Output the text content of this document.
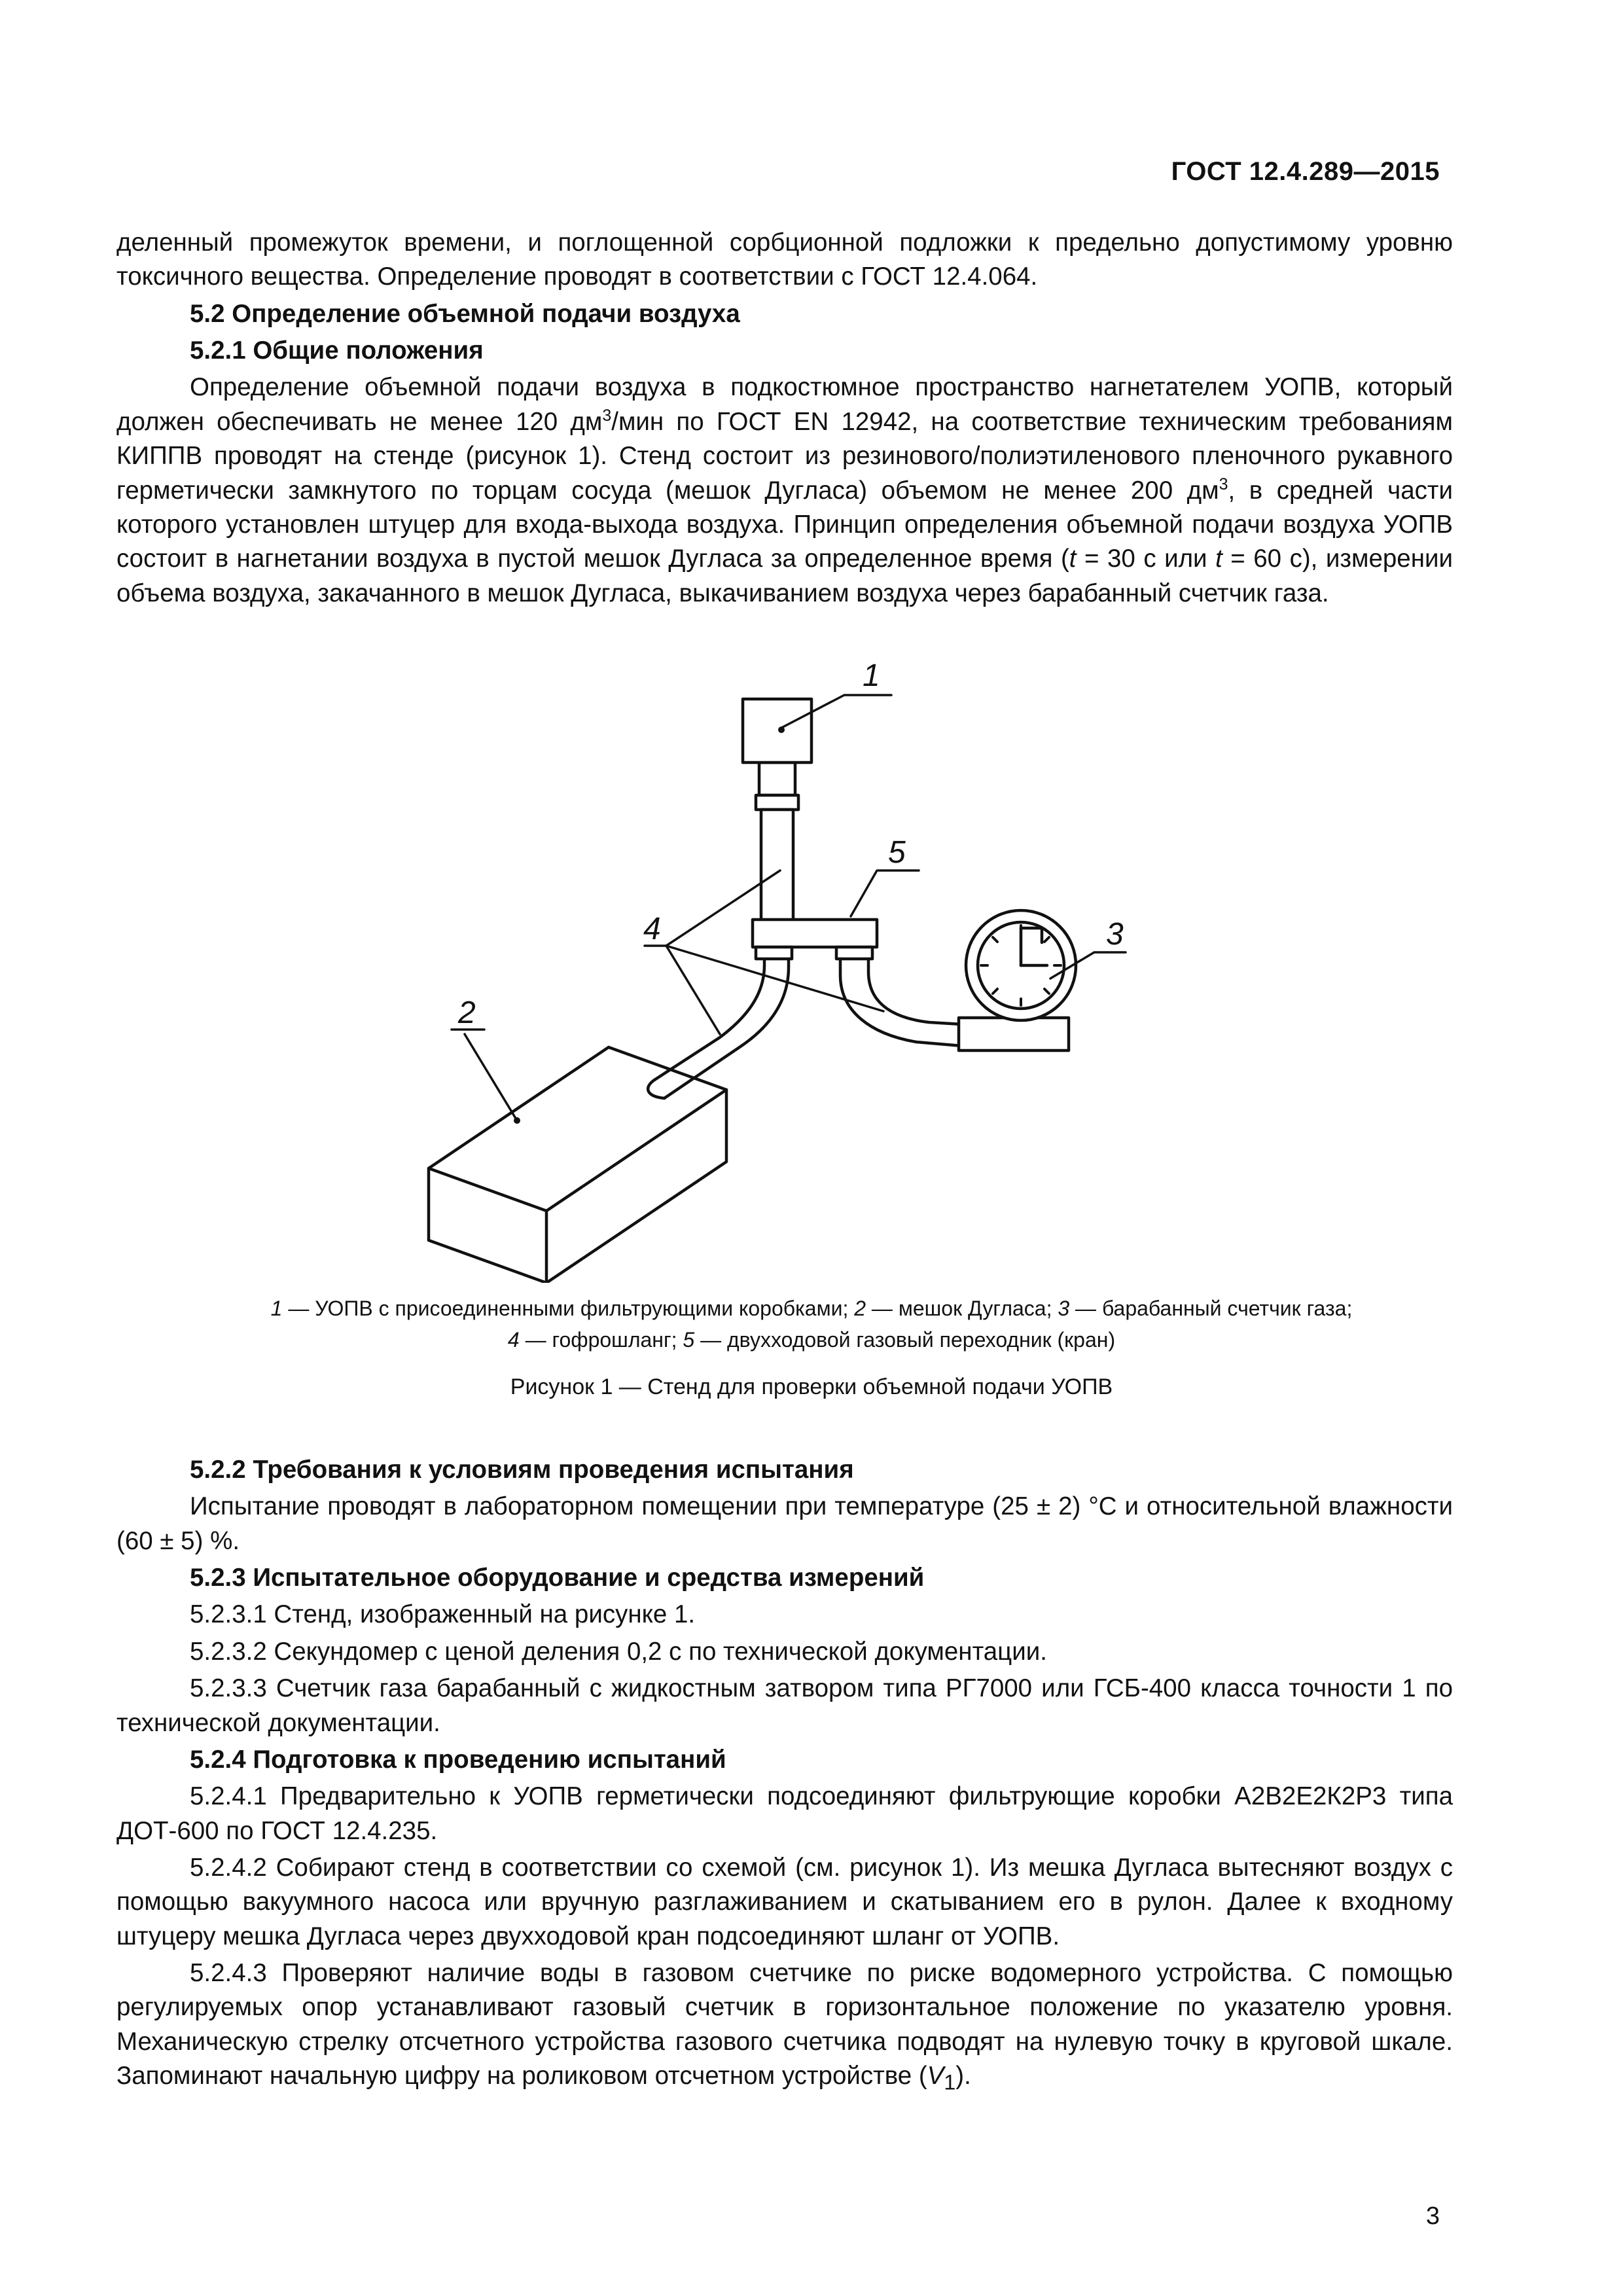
ГОСТ 12.4.289—2015

деленный промежуток времени, и поглощенной сорбционной подложки к предельно допустимому уровню токсичного вещества. Определение проводят в соответствии с ГОСТ 12.4.064.

5.2 Определение объемной подачи воздуха

5.2.1 Общие положения

Определение объемной подачи воздуха в подкостюмное пространство нагнетателем УОПВ, который должен обеспечивать не менее 120 $дм^3$/мин по ГОСТ EN 12942, на соответствие техническим требованиям КИППВ проводят на стенде (рисунок 1). Стенд состоит из резинового/полиэтиленового пленочного рукавного герметически замкнутого по торцам сосуда (мешок Дугласа) объемом не менее 200 $дм^3$, в средней части которого установлен штуцер для входа-выхода воздуха. Принцип определения объемной подачи воздуха УОПВ состоит в нагнетании воздуха в пустой мешок Дугласа за определенное время (t = 30 с или t = 60 с), измерении объема воздуха, закачанного в мешок Дугласа, выкачиванием воздуха через барабанный счетчик газа.

1
5
3
4
2
1 — УОПВ с присоединенными фильтрующими коробками; 2 — мешок Дугласа; 3 — барабанный счетчик газа;
4 — гофрошланг; 5 — двухходовой газовый переходник (кран)
Рисунок 1 — Стенд для проверки объемной подачи УОПВ

5.2.2 Требования к условиям проведения испытания

Испытание проводят в лабораторном помещении при температуре (25 ± 2) °С и относительной влажности (60 ± 5) %.

5.2.3 Испытательное оборудование и средства измерений

5.2.3.1 Стенд, изображенный на рисунке 1.

5.2.3.2 Секундомер с ценой деления 0,2 с по технической документации.

5.2.3.3 Счетчик газа барабанный с жидкостным затвором типа РГ7000 или ГСБ-400 класса точности 1 по технической документации.

5.2.4 Подготовка к проведению испытаний

5.2.4.1 Предварительно к УОПВ герметически подсоединяют фильтрующие коробки А2В2Е2К2Р3 типа ДОТ-600 по ГОСТ 12.4.235.

5.2.4.2 Собирают стенд в соответствии со схемой (см. рисунок 1). Из мешка Дугласа вытесняют воздух с помощью вакуумного насоса или вручную разглаживанием и скатыванием его в рулон. Далее к входному штуцеру мешка Дугласа через двухходовой кран подсоединяют шланг от УОПВ.

5.2.4.3 Проверяют наличие воды в газовом счетчике по риске водомерного устройства. С помощью регулируемых опор устанавливают газовый счетчик в горизонтальное положение по указателю уровня. Механическую стрелку отсчетного устройства газового счетчика подводят на нулевую точку в круговой шкале. Запоминают начальную цифру на роликовом отсчетном устройстве $(V_1)$.

3
